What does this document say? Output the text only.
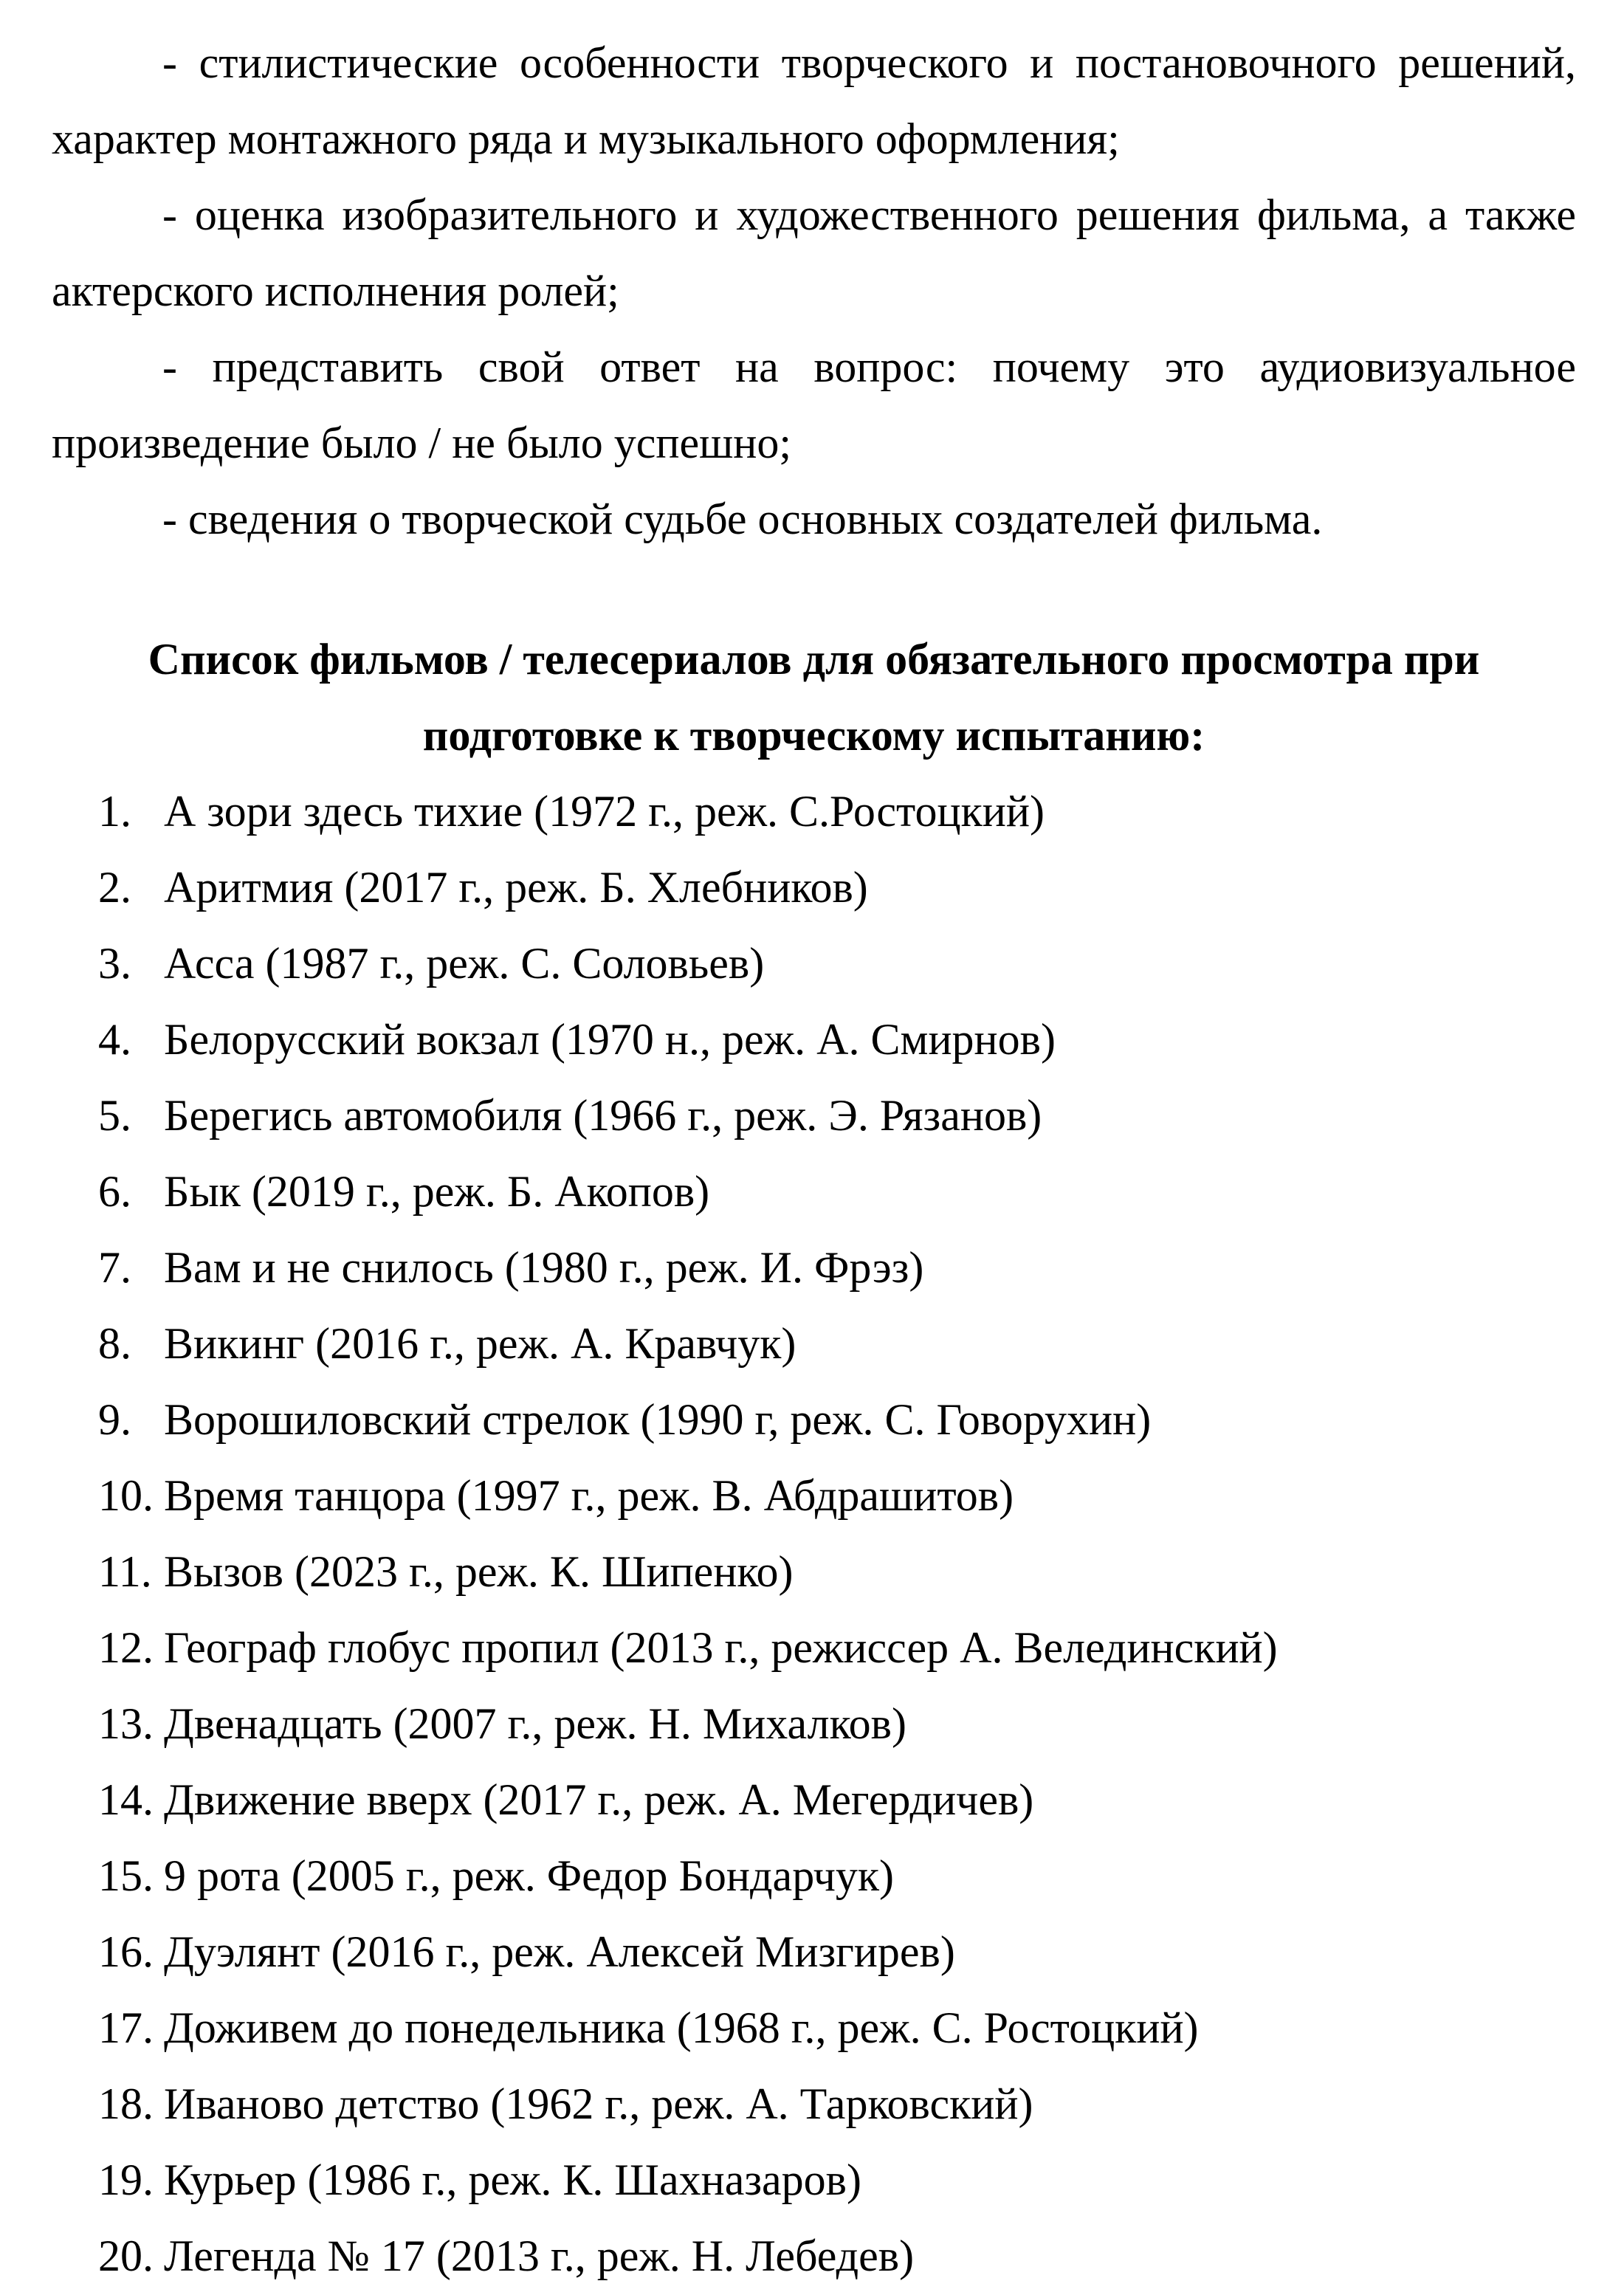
- стилистические особенности творческого и постановочного решений,
характер монтажного ряда и музыкального оформления;
- оценка изобразительного и художественного решения фильма, а также
актерского исполнения ролей;
- представить свой ответ на вопрос: почему это аудиовизуальное
произведение было / не было успешно;
- сведения о творческой судьбе основных создателей фильма.
Список фильмов / телесериалов для обязательного просмотра при
подготовке к творческому испытанию:
1. А зори здесь тихие (1972 г., реж. С.Ростоцкий)
2. Аритмия (2017 г., реж. Б. Хлебников)
3. Асса (1987 г., реж. С. Соловьев)
4. Белорусский вокзал (1970 н., реж. А. Смирнов)
5. Берегись автомобиля (1966 г., реж. Э. Рязанов)
6. Бык (2019 г., реж. Б. Акопов)
7. Вам и не снилось (1980 г., реж. И. Фрэз)
8. Викинг (2016 г., реж. А. Кравчук)
9. Ворошиловский стрелок (1990 г, реж. С. Говорухин)
10. Время танцора (1997 г., реж. В. Абдрашитов)
11. Вызов (2023 г., реж. К. Шипенко)
12. Географ глобус пропил (2013 г., режиссер А. Велединский)
13. Двенадцать (2007 г., реж. Н. Михалков)
14. Движение вверх (2017 г., реж. А. Мегердичев)
15. 9 рота (2005 г., реж. Федор Бондарчук)
16. Дуэлянт (2016 г., реж. Алексей Мизгирев)
17. Доживем до понедельника (1968 г., реж. С. Ростоцкий)
18. Иваново детство (1962 г., реж. А. Тарковский)
19. Курьер (1986 г., реж. К. Шахназаров)
20. Легенда № 17 (2013 г., реж. Н. Лебедев)
